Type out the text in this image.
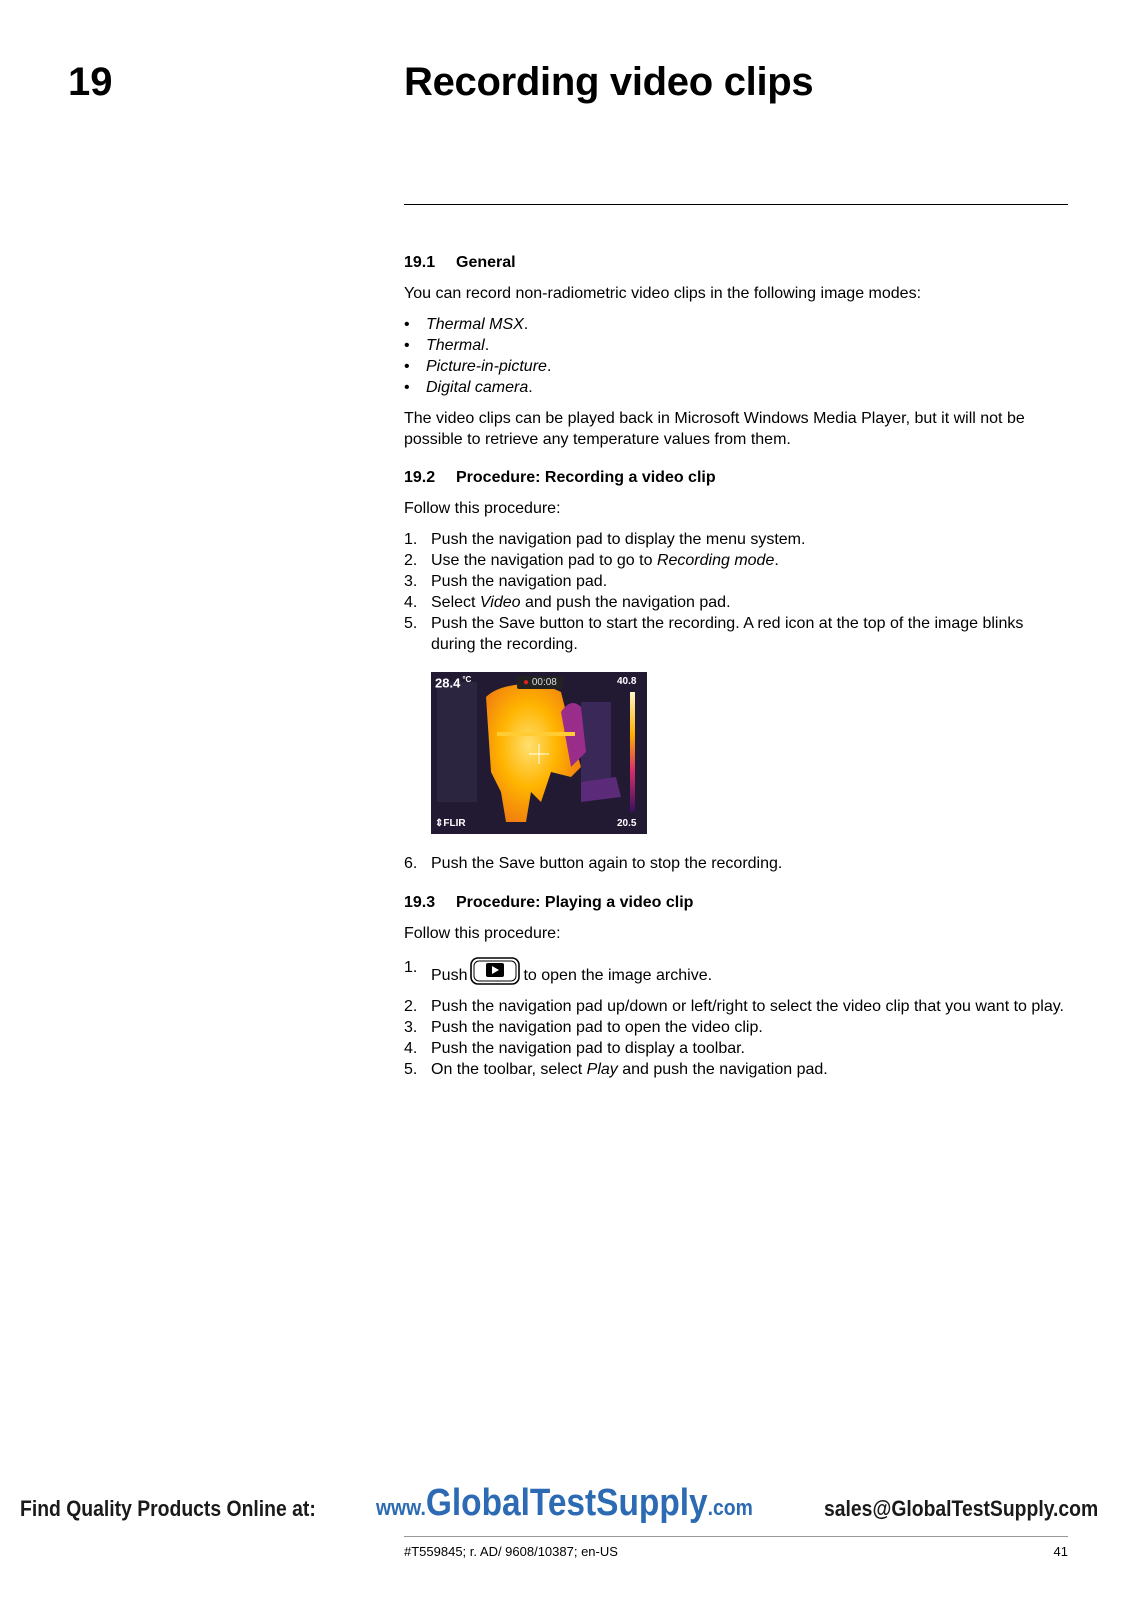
19	Recording video clips
19.1 General
You can record non-radiometric video clips in the following image modes:
• Thermal MSX.
• Thermal.
• Picture-in-picture.
• Digital camera.
The video clips can be played back in Microsoft Windows Media Player, but it will not be possible to retrieve any temperature values from them.
19.2 Procedure: Recording a video clip
Follow this procedure:
1. Push the navigation pad to display the menu system.
2. Use the navigation pad to go to Recording mode.
3. Push the navigation pad.
4. Select Video and push the navigation pad.
5. Push the Save button to start the recording. A red icon at the top of the image blinks during the recording.
28.4 $^{^\circ C}$	● 00:08	40.8
20.5
⇕FLIR
6. Push the Save button again to stop the recording.
19.3 Procedure: Playing a video clip
Follow this procedure:
1. Push	to open the image archive.
2. Push the navigation pad up/down or left/right to select the video clip that you want to play.
3. Push the navigation pad to open the video clip.
4. Push the navigation pad to display a toolbar.
5. On the toolbar, select Play and push the navigation pad.
Find Quality Products Online at:	www.GlobalTestSupply.com	sales@GlobalTestSupply.com
#T559845; r. AD/ 9608/10387; en-US	41
